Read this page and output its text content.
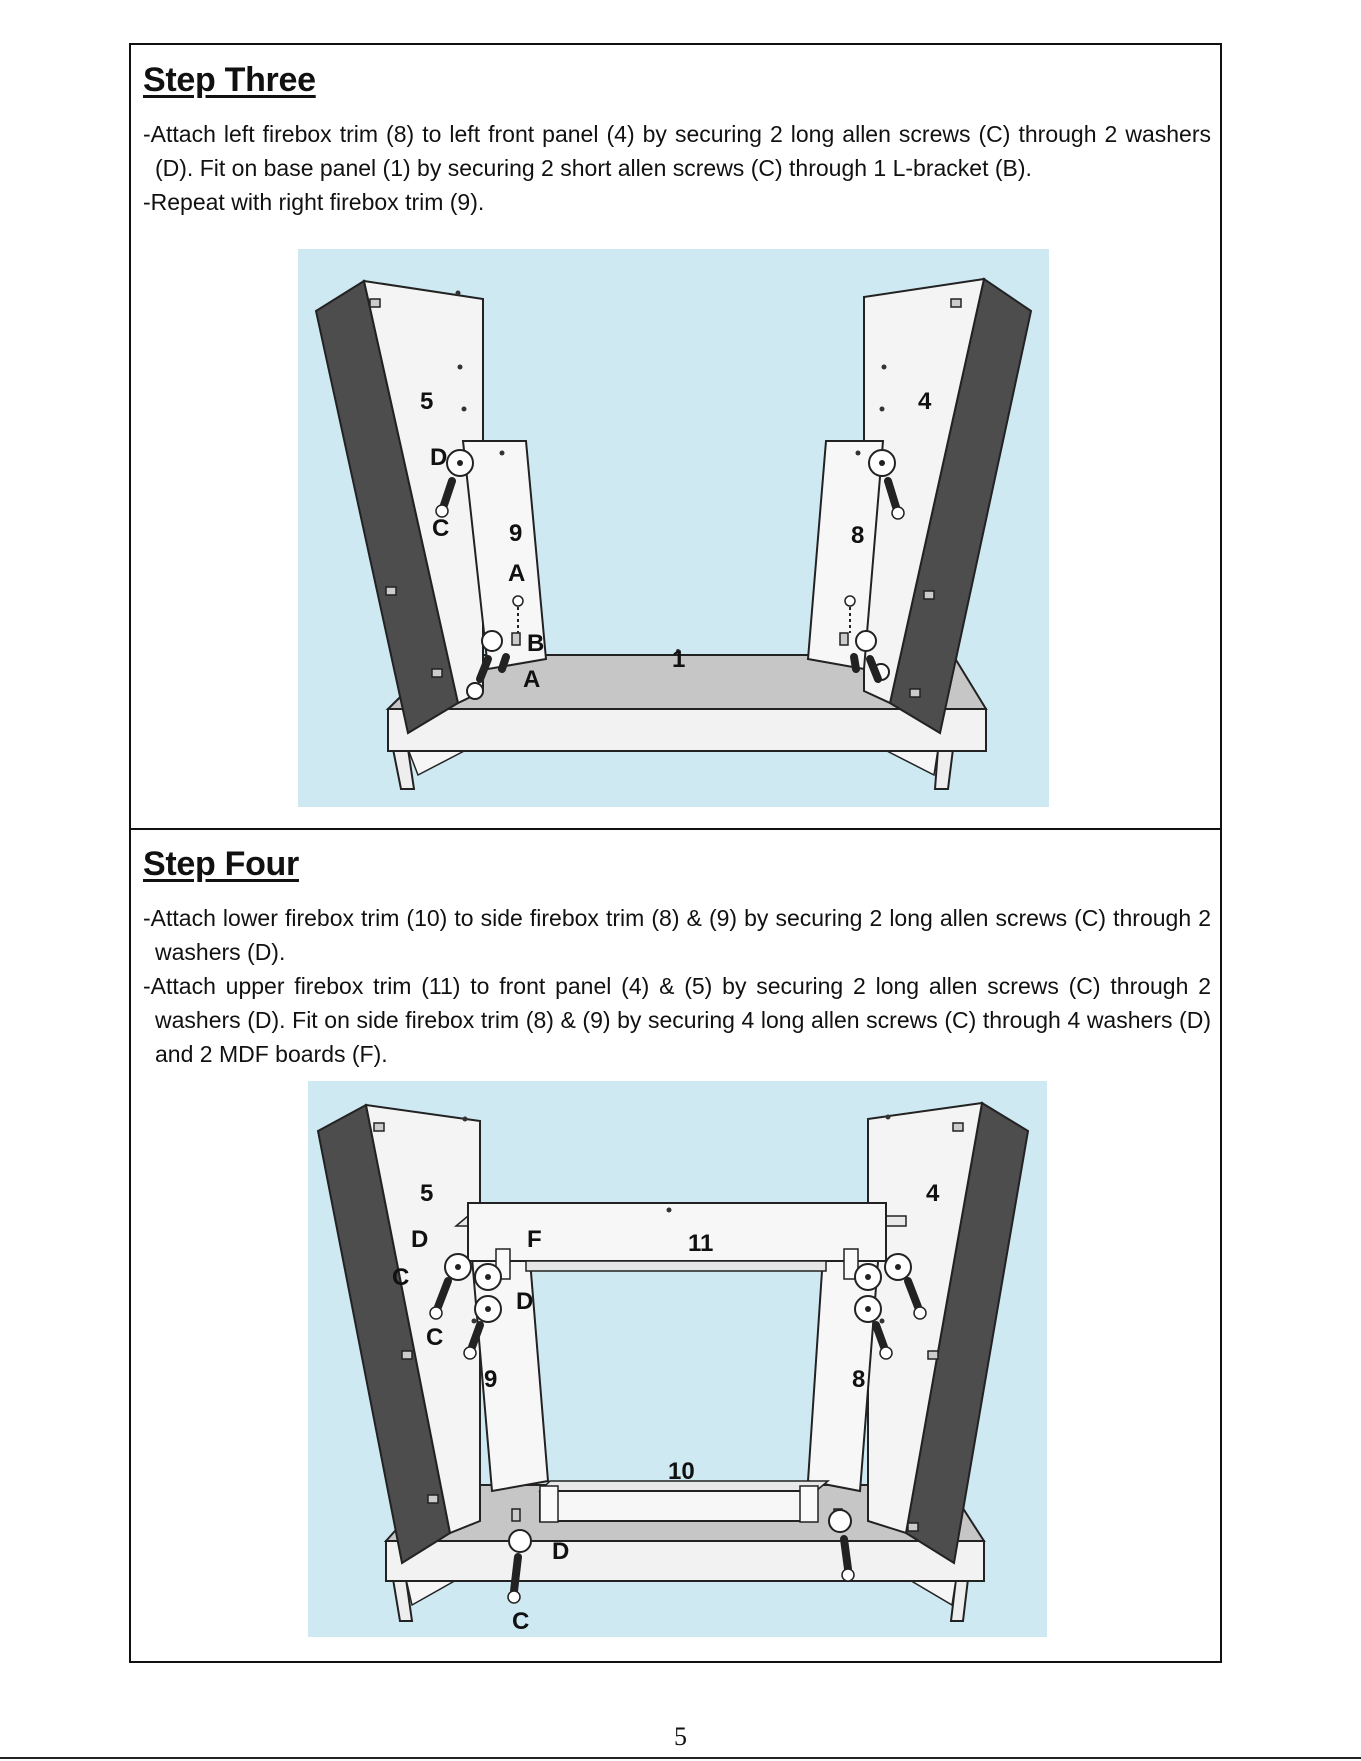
Step Three
-Attach left firebox trim (8) to left front panel (4) by securing 2 long allen screws (C) through 2 washers (D). Fit on base panel (1) by securing 2 short allen screws (C) through 1 L-bracket (B).
-Repeat with right firebox trim (9).
5	4
D
C 9	8
A
B
1
A
Step Four
-Attach lower firebox trim (10) to side firebox trim (8) & (9) by securing 2 long allen screws (C) through 2 washers (D).
-Attach upper firebox trim (11) to front panel (4) & (5) by securing 2 long allen screws (C) through 2 washers (D). Fit on side firebox trim (8) & (9) by securing 4 long allen screws (C) through 4 washers (D) and 2 MDF boards (F).
5	4
11
D	F
C
D
C
9	8
10
D
C
5
